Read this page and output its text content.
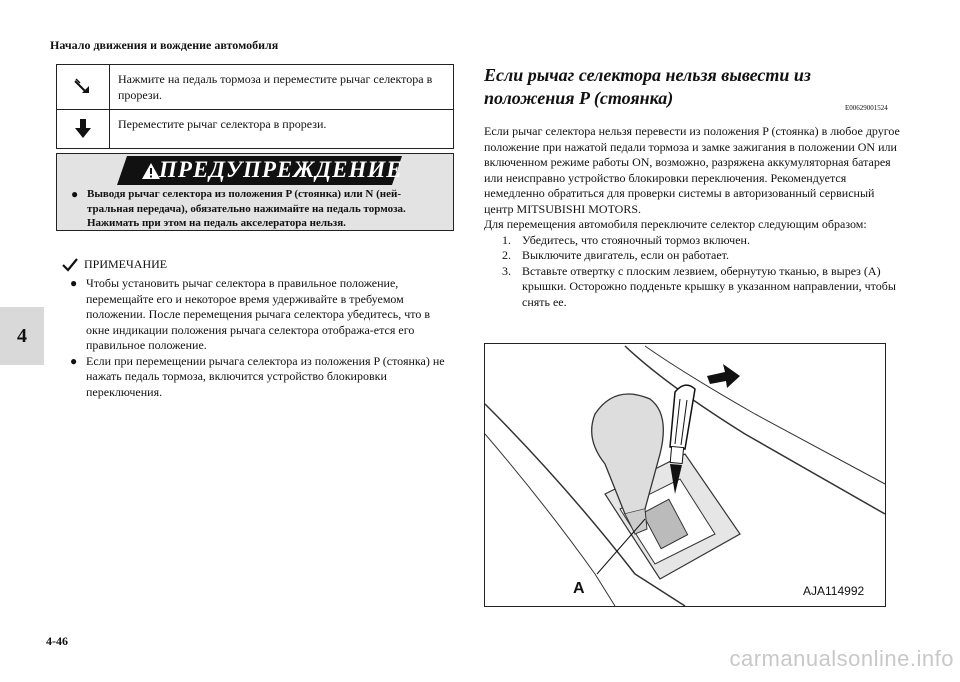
Начало движения и вождение автомобиля
4
Нажмите на педаль тормоза и переместите рычаг селектора в прорези.
Переместите рычаг селектора в прорези.
ПРЕДУПРЕЖДЕНИЕ
● Выводя рычаг селектора из положения P (стоянка) или N (ней-тральная передача), обязательно нажимайте на педаль тормоза. Нажимать при этом на педаль акселератора нельзя.
ПРИМЕЧАНИЕ
● Чтобы установить рычаг селектора в правильное положение, перемещайте его и некоторое время удерживайте в требуемом положении. После перемещения рычага селектора убедитесь, что в окне индикации положения рычага селектора отобража-ется его правильное положение.
● Если при перемещении рычага селектора из положения P (стоянка) не нажать педаль тормоза, включится устройство блокировки переключения.
Если рычаг селектора нельзя вывести из положения P (стоянка)	E00629001524
Если рычаг селектора нельзя перевести из положения P (стоянка) в любое другое положение при нажатой педали тормоза и замке зажигания в положении ON или включенном режиме работы ON, возможно, разряжена аккумуляторная батарея или неисправно устройство блокировки переключения. Рекомендуется немедленно обратиться для проверки системы в авторизованный сервисный центр MITSUBISHI MOTORS.
Для перемещения автомобиля переключите селектор следующим образом:
1. Убедитесь, что стояночный тормоз включен.
2. Выключите двигатель, если он работает.
3. Вставьте отвертку с плоским лезвием, обернутую тканью, в вырез (A) крышки. Осторожно подденьте крышку в указанном направлении, чтобы снять ее.
A	AJA114992
4-46
carmanualsonline.info
